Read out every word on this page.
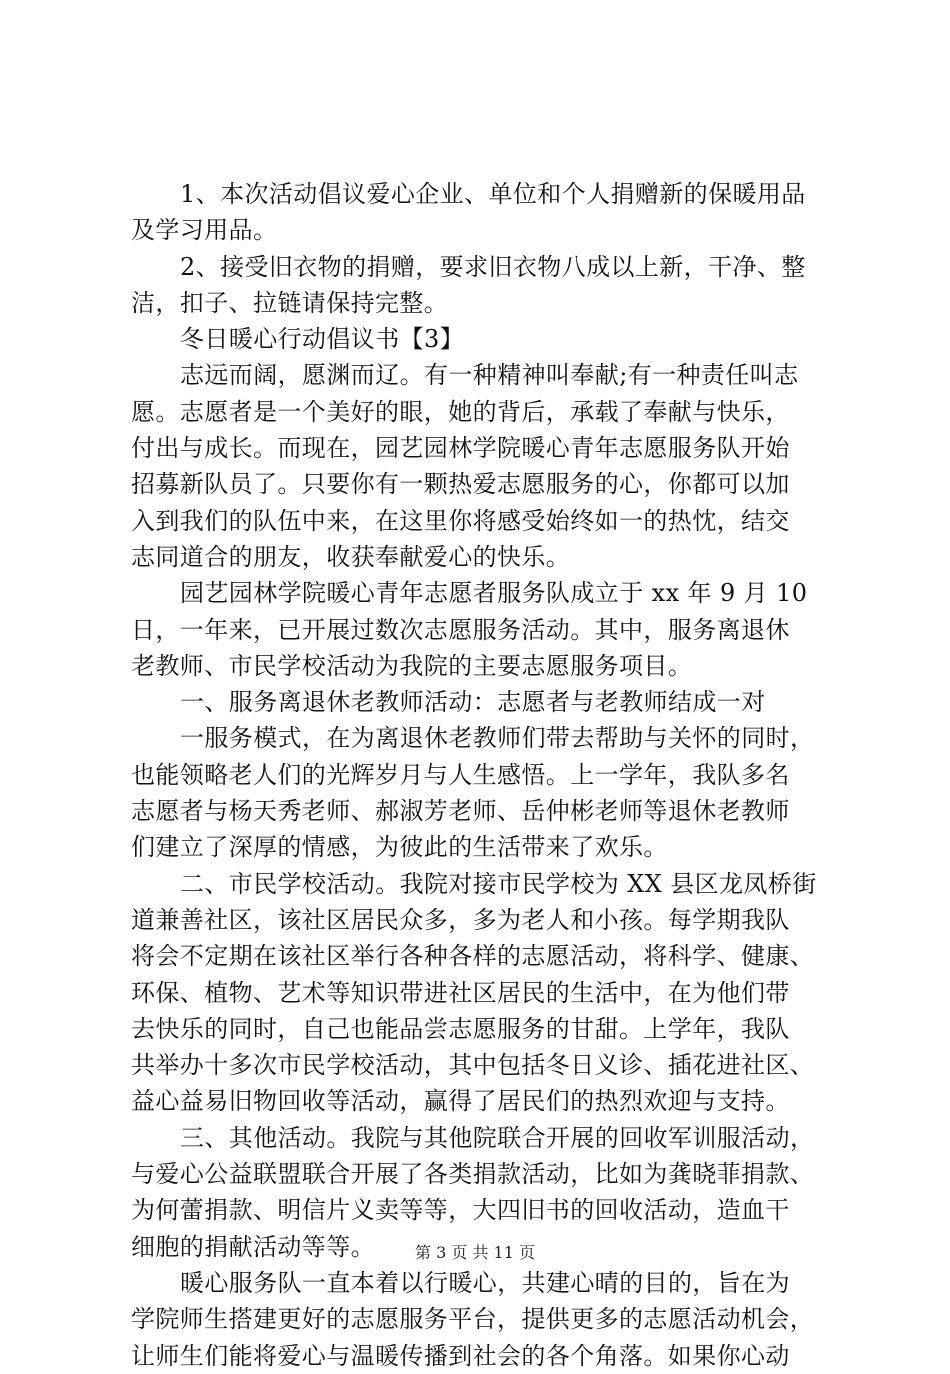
1、本次活动倡议爱心企业、单位和个人捐赠新的保暖用品
及学习用品。
2、接受旧衣物的捐赠，要求旧衣物八成以上新，干净、整
洁，扣子、拉链请保持完整。
冬日暖心行动倡议书【3】
志远而阔，愿渊而辽。有一种精神叫奉献;有一种责任叫志
愿。志愿者是一个美好的眼，她的背后，承载了奉献与快乐，
付出与成长。而现在，园艺园林学院暖心青年志愿服务队开始
招募新队员了。只要你有一颗热爱志愿服务的心，你都可以加
入到我们的队伍中来，在这里你将感受始终如一的热忱，结交
志同道合的朋友，收获奉献爱心的快乐。
园艺园林学院暖心青年志愿者服务队成立于 xx 年 9 月 10
日，一年来，已开展过数次志愿服务活动。其中，服务离退休
老教师、市民学校活动为我院的主要志愿服务项目。
一、服务离退休老教师活动：志愿者与老教师结成一对
一服务模式，在为离退休老教师们带去帮助与关怀的同时，
也能领略老人们的光辉岁月与人生感悟。上一学年，我队多名
志愿者与杨天秀老师、郝淑芳老师、岳仲彬老师等退休老教师
们建立了深厚的情感，为彼此的生活带来了欢乐。
二、市民学校活动。我院对接市民学校为 XX 县区龙凤桥街
道兼善社区，该社区居民众多，多为老人和小孩。每学期我队
将会不定期在该社区举行各种各样的志愿活动，将科学、健康、
环保、植物、艺术等知识带进社区居民的生活中，在为他们带
去快乐的同时，自己也能品尝志愿服务的甘甜。上学年，我队
共举办十多次市民学校活动，其中包括冬日义诊、插花进社区、
益心益易旧物回收等活动，赢得了居民们的热烈欢迎与支持。
三、其他活动。我院与其他院联合开展的回收军训服活动，
与爱心公益联盟联合开展了各类捐款活动，比如为龚晓菲捐款、
为何蕾捐款、明信片义卖等等，大四旧书的回收活动，造血干
细胞的捐献活动等等。
暖心服务队一直本着以行暖心，共建心晴的目的，旨在为
学院师生搭建更好的志愿服务平台，提供更多的志愿活动机会，
让师生们能将爱心与温暖传播到社会的各个角落。如果你心动
第 3 页 共 11 页
